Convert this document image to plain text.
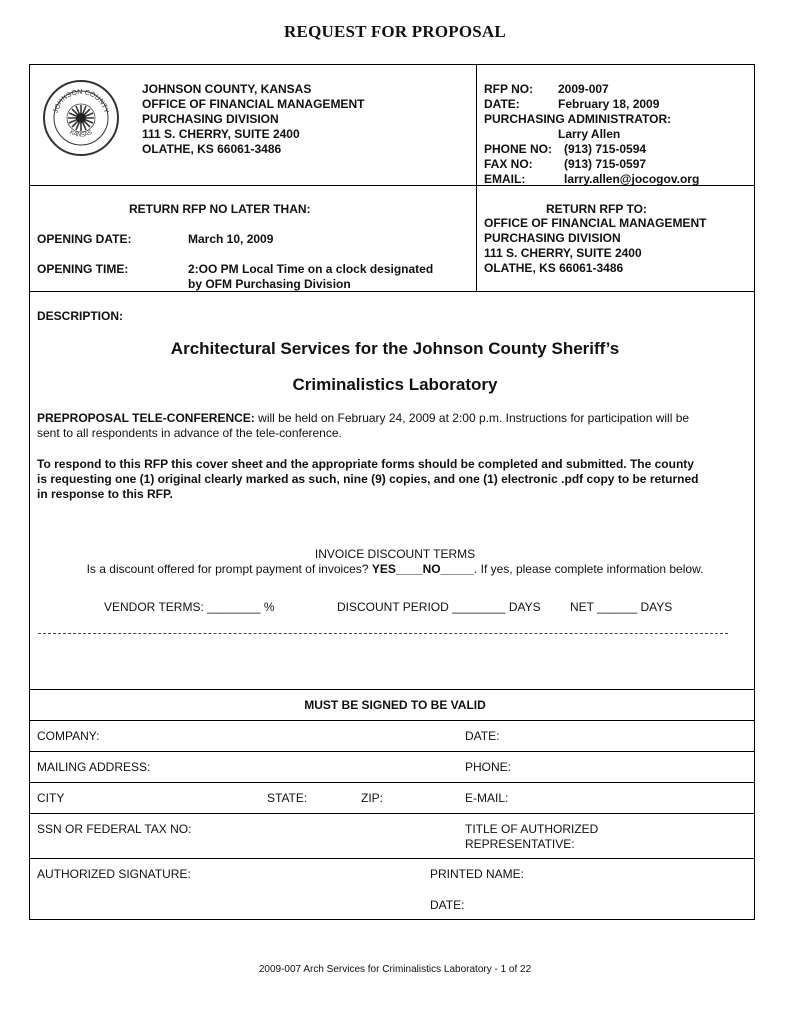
REQUEST FOR PROPOSAL
JOHNSON COUNTY
KANSAS
JOHNSON COUNTY, KANSAS
OFFICE OF FINANCIAL MANAGEMENT
PURCHASING DIVISION
111 S. CHERRY, SUITE 2400
OLATHE, KS 66061-3486
RFP NO: 2009-007
DATE:	February 18, 2009
PURCHASING ADMINISTRATOR:
Larry Allen
PHONE NO: (913) 715-0594
FAX NO:	(913) 715-0597
EMAIL:	larry.allen@jocogov.org
RETURN RFP NO LATER THAN:
OPENING DATE:	March 10, 2009
OPENING TIME:	2:OO PM Local Time on a clock designated
by OFM Purchasing Division
RETURN RFP TO:
OFFICE OF FINANCIAL MANAGEMENT
PURCHASING DIVISION
111 S. CHERRY, SUITE 2400
OLATHE, KS 66061-3486
DESCRIPTION:
Architectural Services for the Johnson County Sheriff’s
Criminalistics Laboratory
PREPROPOSAL TELE-CONFERENCE: will be held on February 24, 2009 at 2:00 p.m. Instructions for participation will be
sent to all respondents in advance of the tele-conference.
To respond to this RFP this cover sheet and the appropriate forms should be completed and submitted. The county
is requesting one (1) original clearly marked as such, nine (9) copies, and one (1) electronic .pdf copy to be returned
in response to this RFP.
INVOICE DISCOUNT TERMS
Is a discount offered for prompt payment of invoices? YES____NO_____. If yes, please complete information below.
VENDOR TERMS: ________ %	DISCOUNT PERIOD ________ DAYS NET ______ DAYS
MUST BE SIGNED TO BE VALID
COMPANY:	DATE:
MAILING ADDRESS:	PHONE:
CITY	STATE:	ZIP:	E-MAIL:
SSN OR FEDERAL TAX NO:	TITLE OF AUTHORIZED
REPRESENTATIVE:
AUTHORIZED SIGNATURE:	PRINTED NAME:
DATE:
2009-007 Arch Services for Criminalistics Laboratory - 1 of 22
